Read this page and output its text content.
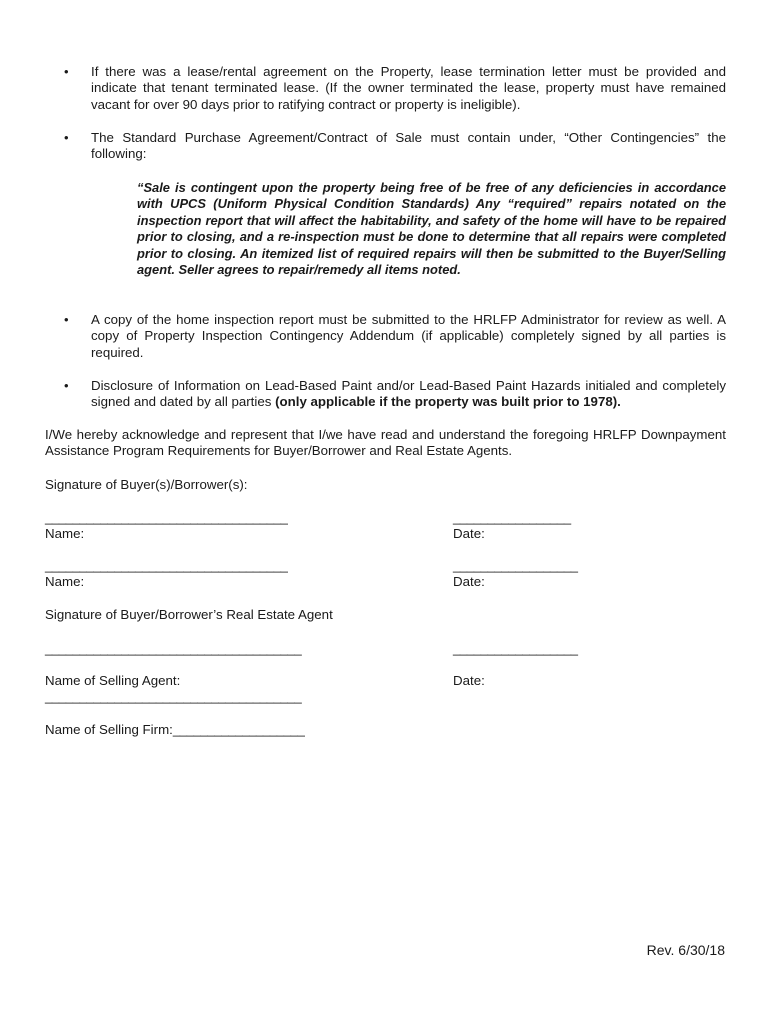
•	If there was a lease/rental agreement on the Property, lease termination letter must be provided and indicate that tenant terminated lease. (If the owner terminated the lease, property must have remained vacant for over 90 days prior to ratifying contract or property is ineligible).
•	The Standard Purchase Agreement/Contract of Sale must contain under, “Other Contingencies” the following:
“Sale is contingent upon the property being free of be free of any deficiencies in accordance with UPCS (Uniform Physical Condition Standards) Any “required” repairs notated on the inspection report that will affect the habitability, and safety of the home will have to be repaired prior to closing, and a re-inspection must be done to determine that all repairs were completed prior to closing. An itemized list of required repairs will then be submitted to the Buyer/Selling agent. Seller agrees to repair/remedy all items noted.
•	A copy of the home inspection report must be submitted to the HRLFP Administrator for review as well. A copy of Property Inspection Contingency Addendum (if applicable) completely signed by all parties is required.
•	Disclosure of Information on Lead-Based Paint and/or Lead-Based Paint Hazards initialed and completely signed and dated by all parties (only applicable if the property was built prior to 1978).
I/We hereby acknowledge and represent that I/we have read and understand the foregoing HRLFP Downpayment Assistance Program Requirements for Buyer/Borrower and Real Estate Agents.
Signature of Buyer(s)/Borrower(s):
___________________________________	_________________
Name:	Date:
___________________________________	__________________
Name:	Date:
Signature of Buyer/Borrower’s Real Estate Agent
_____________________________________	__________________
Name of Selling Agent:	Date:
_____________________________________
Name of Selling Firm:___________________
Rev. 6/30/18
